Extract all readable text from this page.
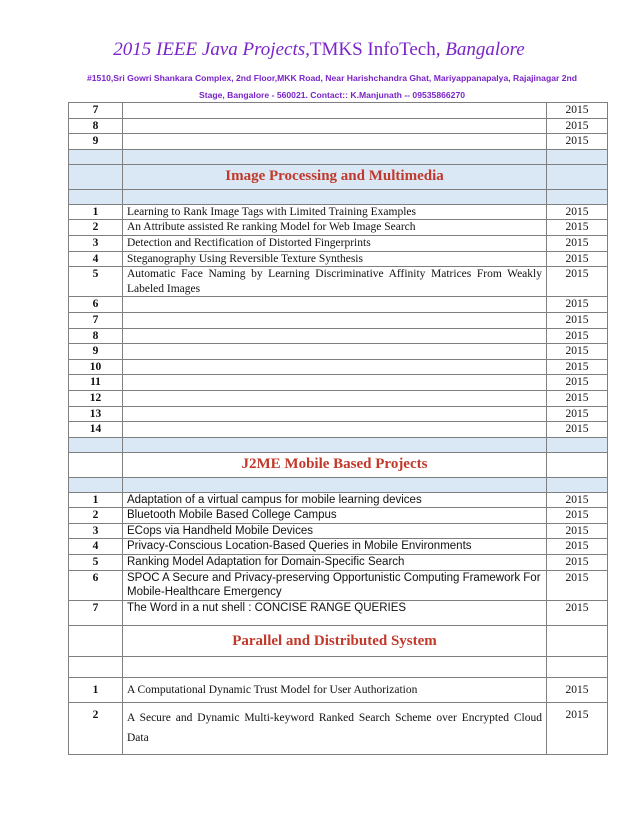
2015 IEEE Java Projects,TMKS InfoTech, Bangalore
#1510,Sri Gowri Shankara Complex, 2nd Floor,MKK Road, Near Harishchandra Ghat, Mariyappanapalya, Rajajinagar 2nd
Stage, Bangalore - 560021. Contact:: K.Manjunath -- 09535866270
7		2015
8		2015
9		2015

	Image Processing and Multimedia	

1	Learning to Rank Image Tags with Limited Training Examples	2015
2	An Attribute assisted Re ranking Model for Web Image Search	2015
3	Detection and Rectification of Distorted Fingerprints	2015
4	Steganography Using Reversible Texture Synthesis	2015
5	Automatic Face Naming by Learning Discriminative Affinity Matrices From Weakly Labeled Images	2015
6		2015
7		2015
8		2015
9		2015
10		2015
11		2015
12		2015
13		2015
14		2015

	J2ME Mobile Based Projects	

1	Adaptation of a virtual campus for mobile learning devices	2015
2	Bluetooth Mobile Based College Campus	2015
3	ECops via Handheld Mobile Devices	2015
4	Privacy-Conscious Location-Based Queries in Mobile Environments	2015
5	Ranking Model Adaptation for Domain-Specific Search	2015
6	SPOC A Secure and Privacy-preserving Opportunistic Computing Framework For Mobile-Healthcare Emergency	2015
7	The Word in a nut shell : CONCISE RANGE QUERIES	2015
	Parallel and Distributed System	

1	A Computational Dynamic Trust Model for User Authorization	2015
2	A Secure and Dynamic Multi-keyword Ranked Search Scheme over Encrypted Cloud Data	2015
